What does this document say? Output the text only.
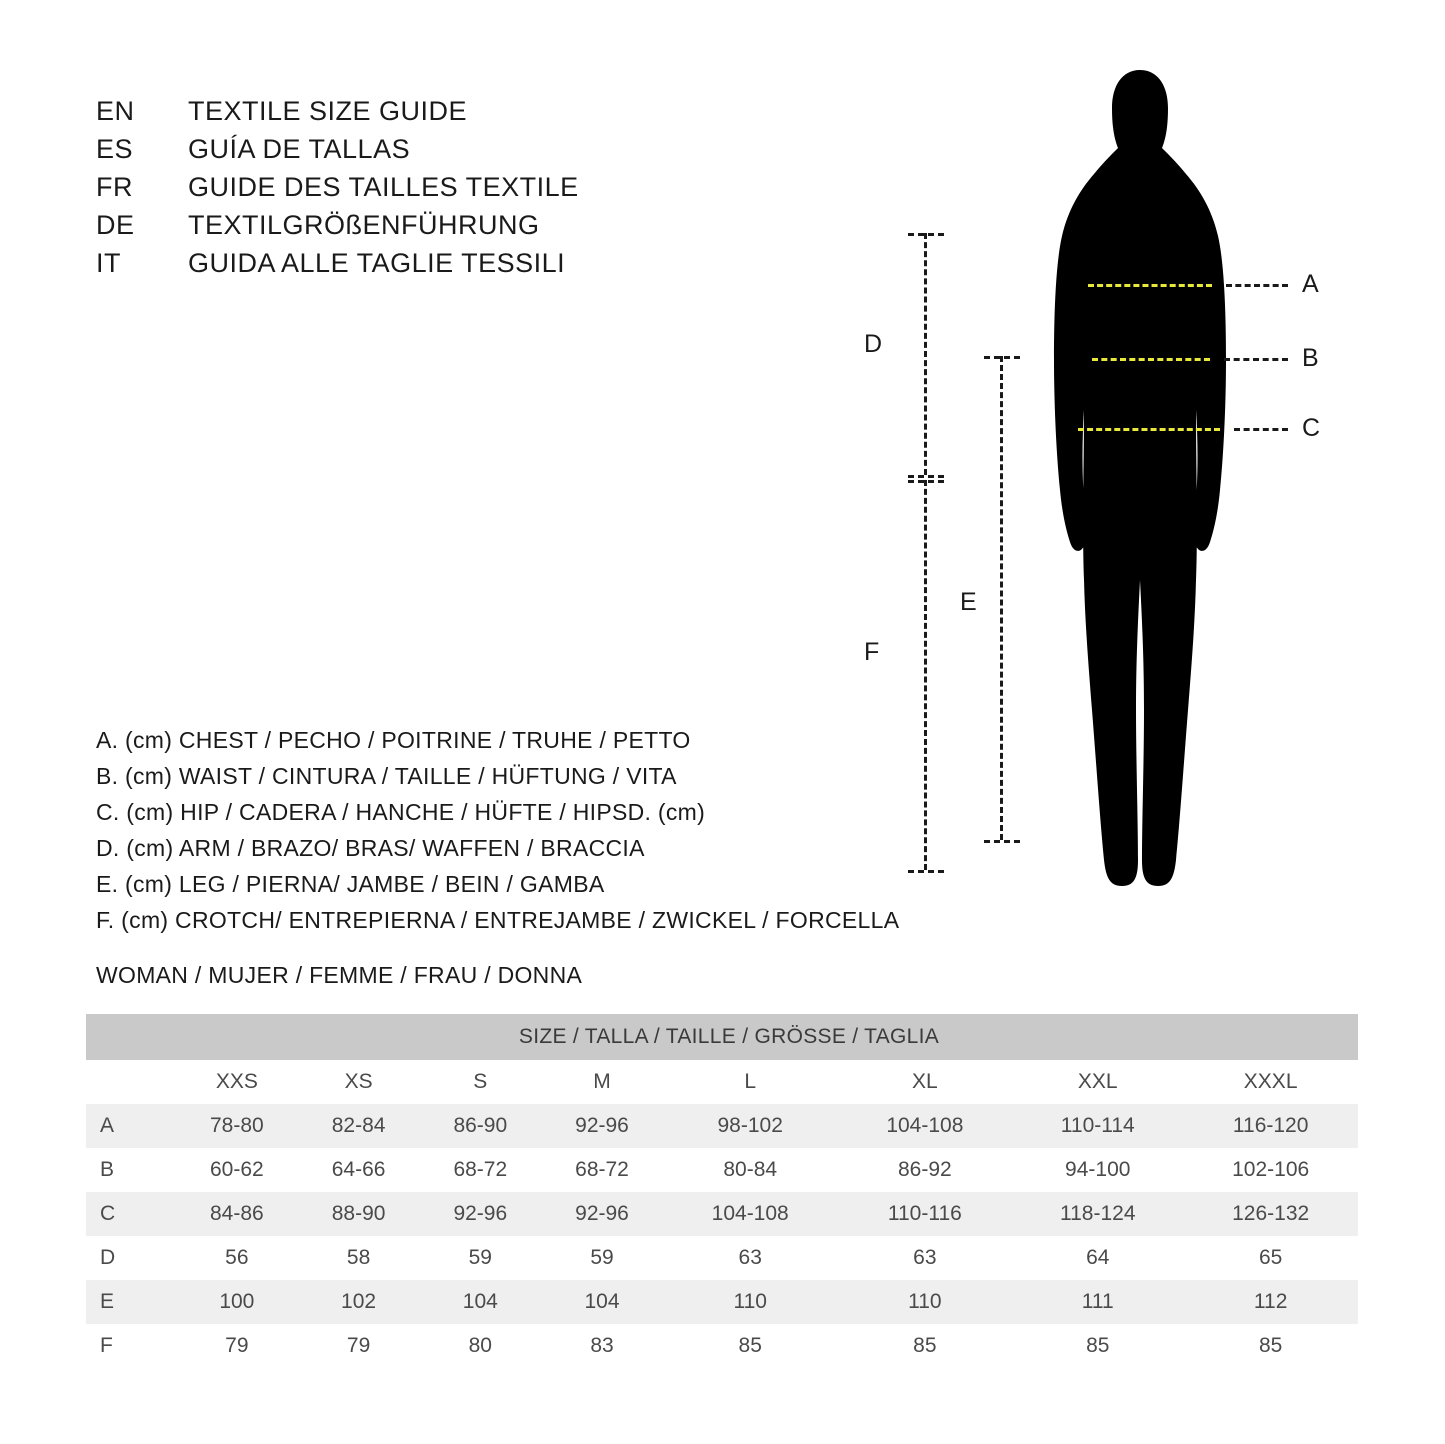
EN	TEXTILE SIZE GUIDE
ES	GUÍA DE TALLAS
FR	GUIDE DES TAILLES TEXTILE
DE	TEXTILGRÖßENFÜHRUNG
IT	GUIDA ALLE TAGLIE TESSILI
A
B
C
D
F
E
A. (cm) CHEST / PECHO / POITRINE / TRUHE / PETTO
B. (cm) WAIST / CINTURA / TAILLE / HÜFTUNG / VITA
C. (cm) HIP / CADERA / HANCHE / HÜFTE / HIPSD. (cm)
D. (cm) ARM / BRAZO/ BRAS/ WAFFEN / BRACCIA
E. (cm) LEG / PIERNA/ JAMBE / BEIN / GAMBA
F. (cm) CROTCH/ ENTREPIERNA / ENTREJAMBE / ZWICKEL / FORCELLA
WOMAN / MUJER / FEMME / FRAU / DONNA
SIZE / TALLA / TAILLE / GRÖSSE / TAGLIA								
	XXS	XS	S	M	L	XL	XXL	XXXL
A	78-80	82-84	86-90	92-96	98-102	104-108	110-114	116-120
B	60-62	64-66	68-72	68-72	80-84	86-92	94-100	102-106
C	84-86	88-90	92-96	92-96	104-108	110-116	118-124	126-132
D	56	58	59	59	63	63	64	65
E	100	102	104	104	110	110	111	112
F	79	79	80	83	85	85	85	85
